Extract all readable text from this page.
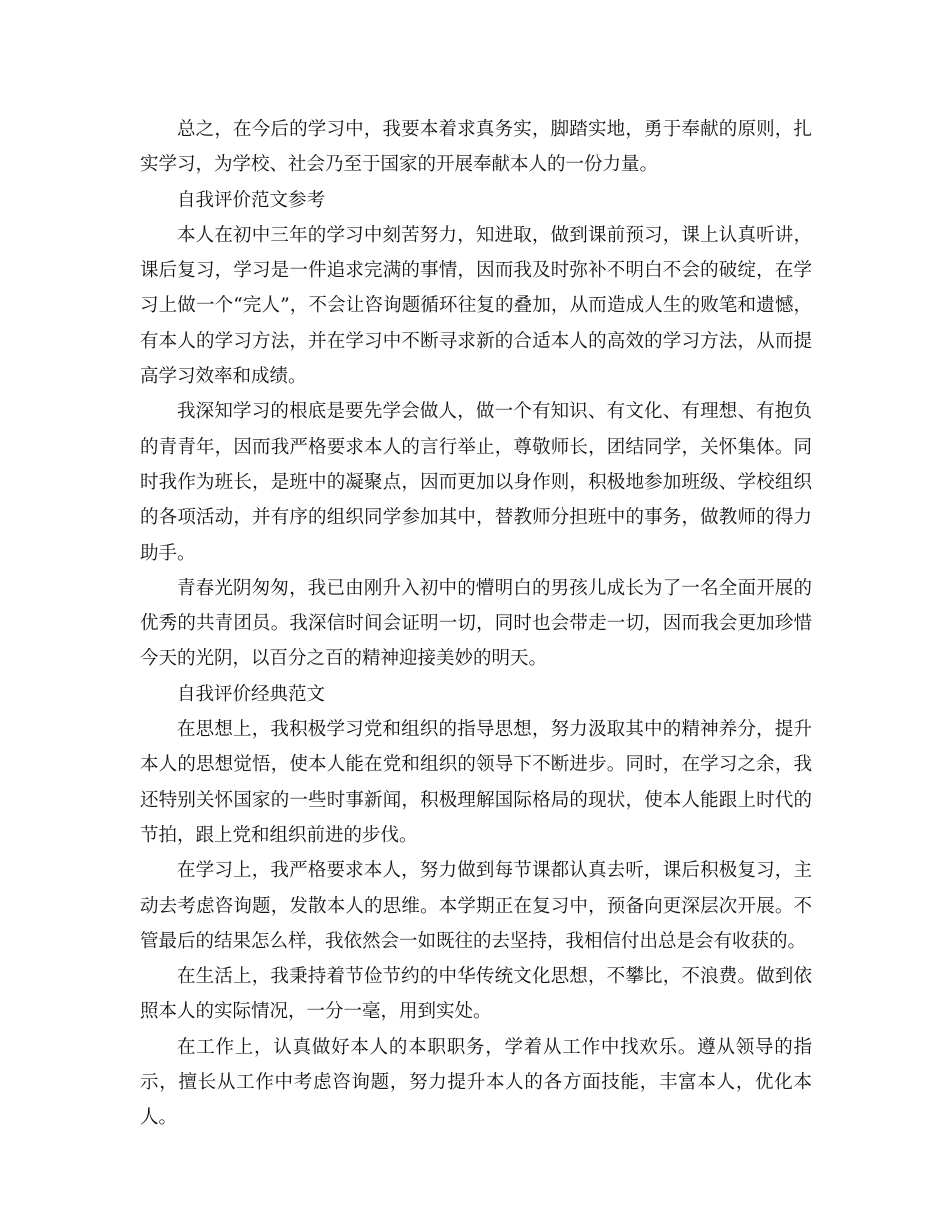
总之，在今后的学习中，我要本着求真务实，脚踏实地，勇于奉献的原则，扎实学习，为学校、社会乃至于国家的开展奉献本人的一份力量。

自我评价范文参考

本人在初中三年的学习中刻苦努力，知进取，做到课前预习，课上认真听讲，课后复习，学习是一件追求完满的事情，因而我及时弥补不明白不会的破绽，在学习上做一个“完人”，不会让咨询题循环往复的叠加，从而造成人生的败笔和遗憾，有本人的学习方法，并在学习中不断寻求新的合适本人的高效的学习方法，从而提高学习效率和成绩。

我深知学习的根底是要先学会做人，做一个有知识、有文化、有理想、有抱负的青青年，因而我严格要求本人的言行举止，尊敬师长，团结同学，关怀集体。同时我作为班长，是班中的凝聚点，因而更加以身作则，积极地参加班级、学校组织的各项活动，并有序的组织同学参加其中，替教师分担班中的事务，做教师的得力助手。

青春光阴匆匆，我已由刚升入初中的懵明白的男孩儿成长为了一名全面开展的优秀的共青团员。我深信时间会证明一切，同时也会带走一切，因而我会更加珍惜今天的光阴，以百分之百的精神迎接美妙的明天。

自我评价经典范文

在思想上，我积极学习党和组织的指导思想，努力汲取其中的精神养分，提升本人的思想觉悟，使本人能在党和组织的领导下不断进步。同时，在学习之余，我还特别关怀国家的一些时事新闻，积极理解国际格局的现状，使本人能跟上时代的节拍，跟上党和组织前进的步伐。

在学习上，我严格要求本人，努力做到每节课都认真去听，课后积极复习，主动去考虑咨询题，发散本人的思维。本学期正在复习中，预备向更深层次开展。不管最后的结果怎么样，我依然会一如既往的去坚持，我相信付出总是会有收获的。

在生活上，我秉持着节俭节约的中华传统文化思想，不攀比，不浪费。做到依照本人的实际情况，一分一毫，用到实处。

在工作上，认真做好本人的本职职务，学着从工作中找欢乐。遵从领导的指示，擅长从工作中考虑咨询题，努力提升本人的各方面技能，丰富本人，优化本人。
